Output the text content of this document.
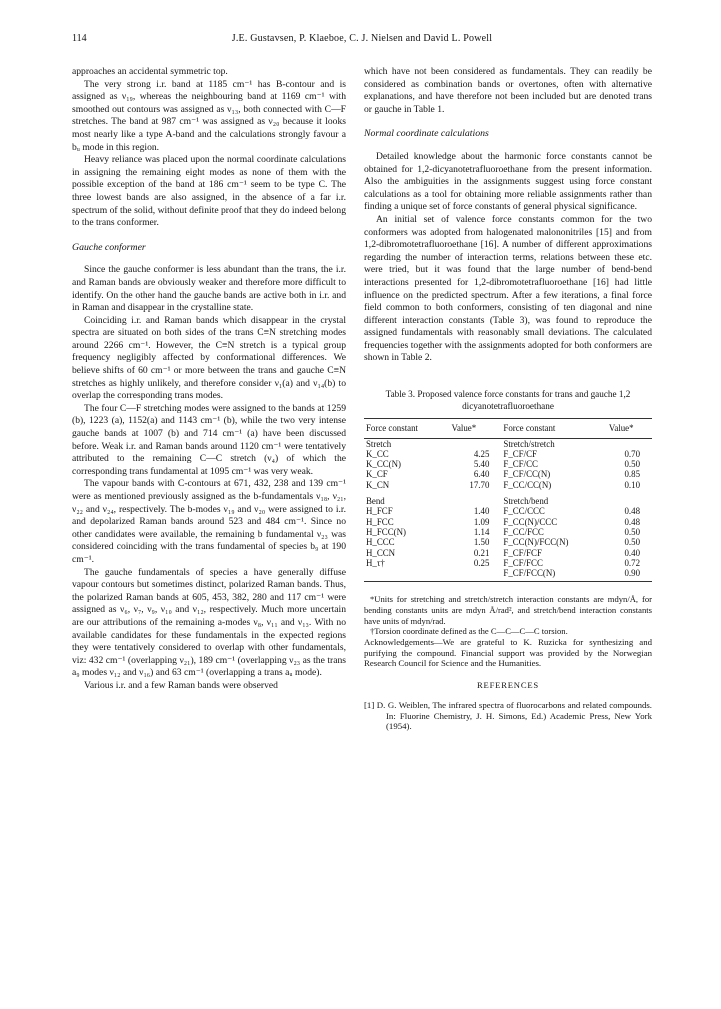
114	J.E. Gustavsen, P. Klaeboe, C. J. Nielsen and David L. Powell

approaches an accidental symmetric top.

The very strong i.r. band at 1185 cm⁻¹ has B-contour and is assigned as ν₁₉, whereas the neighbouring band at 1169 cm⁻¹ with smoothed out contours was assigned as ν₁₃, both connected with C—F stretches. The band at 987 cm⁻¹ was assigned as ν₂₀ because it looks most nearly like a type A-band and the calculations strongly favour a bᵤ mode in this region.

Heavy reliance was placed upon the normal coordinate calculations in assigning the remaining eight modes as none of them with the possible exception of the band at 186 cm⁻¹ seem to be type C. The three lowest bands are also assigned, in the absence of a far i.r. spectrum of the solid, without definite proof that they do indeed belong to the trans conformer.

Gauche conformer

Since the gauche conformer is less abundant than the trans, the i.r. and Raman bands are obviously weaker and therefore more difficult to identify. On the other hand the gauche bands are active both in i.r. and in Raman and disappear in the crystalline state.

Coinciding i.r. and Raman bands which disappear in the crystal spectra are situated on both sides of the trans C≡N stretching modes around 2266 cm⁻¹. However, the C≡N stretch is a typical group frequency negligibly affected by conformational differences. We believe shifts of 60 cm⁻¹ or more between the trans and gauche C≡N stretches as highly unlikely, and therefore consider ν₁(a) and ν₁₄(b) to overlap the corresponding trans modes.

The four C—F stretching modes were assigned to the bands at 1259 (b), 1223 (a), 1152(a) and 1143 cm⁻¹ (b), while the two very intense gauche bands at 1007 (b) and 714 cm⁻¹ (a) have been discussed before. Weak i.r. and Raman bands around 1120 cm⁻¹ were tentatively attributed to the remaining C—C stretch (ν₄) of which the corresponding trans fundamental at 1095 cm⁻¹ was very weak.

The vapour bands with C-contours at 671, 432, 238 and 139 cm⁻¹ were as mentioned previously assigned as the b-fundamentals ν₁₈, ν₂₁, ν₂₂ and ν₂₄, respectively. The b-modes ν₁₉ and ν₂₀ were assigned to i.r. and depolarized Raman bands around 523 and 484 cm⁻¹. Since no other candidates were available, the remaining b fundamental ν₂₃ was considered coinciding with the trans fundamental of species b₉ at 190 cm⁻¹.

The gauche fundamentals of species a have generally diffuse vapour contours but sometimes distinct, polarized Raman bands. Thus, the polarized Raman bands at 605, 453, 382, 280 and 117 cm⁻¹ were assigned as ν₆, ν₇, ν₉, ν₁₀ and ν₁₂, respectively. Much more uncertain are our attributions of the remaining a-modes ν₈, ν₁₁ and ν₁₃. With no available candidates for these fundamentals in the expected regions they were tentatively considered to overlap with other fundamentals, viz: 432 cm⁻¹ (overlapping ν₂₁), 189 cm⁻¹ (overlapping ν₂₃ as the trans a₉ modes ν₁₂ and ν₁₆) and 63 cm⁻¹ (overlapping a trans aᵤ mode).

Various i.r. and a few Raman bands were observed

which have not been considered as fundamentals. They can readily be considered as combination bands or overtones, often with alternative explanations, and have therefore not been included but are denoted trans or gauche in Table 1.

Normal coordinate calculations

Detailed knowledge about the harmonic force constants cannot be obtained for 1,2-dicyanotetrafluoroethane from the present information. Also the ambiguities in the assignments suggest using force constant calculations as a tool for obtaining more reliable assignments rather than finding a unique set of force constants of general physical significance.

An initial set of valence force constants common for the two conformers was adopted from halogenated malononitriles [15] and from 1,2-dibromotetrafluoroethane [16]. A number of different approximations regarding the number of interaction terms, relations between these etc. were tried, but it was found that the large number of bend-bend interactions presented for 1,2-dibromotetrafluoroethane [16] had little influence on the predicted spectrum. After a few iterations, a final force field common to both conformers, consisting of ten diagonal and nine different interaction constants (Table 3), was found to reproduce the assigned fundamentals with reasonably small deviations. The calculated frequencies together with the assignments adopted for both conformers are shown in Table 2.

Table 3. Proposed valence force constants for trans and gauche 1,2 dicyanotetrafluoroethane
Force constant	Value*	Force constant	Value*
Stretch		Stretch/stretch	
K_CC	4.25	F_CF/CF	0.70
K_CC(N)	5.40	F_CF/CC	0.50
K_CF	6.40	F_CF/CC(N)	0.85
K_CN	17.70	F_CC/CC(N)	0.10
Bend		Stretch/bend	
H_FCF	1.40	F_CC/CCC	0.48
H_FCC	1.09	F_CC(N)/CCC	0.48
H_FCC(N)	1.14	F_CC/FCC	0.50
H_CCC	1.50	F_CC(N)/FCC(N)	0.50
H_CCN	0.21	F_CF/FCF	0.40
H_τ†	0.25	F_CF/FCC	0.72
		F_CF/FCC(N)	0.90

*Units for stretching and stretch/stretch interaction constants are mdyn/Å, for bending constants units are mdyn Å/rad², and stretch/bend interaction constants have units of mdyn/rad.

†Torsion coordinate defined as the C—C—C—C torsion.

Acknowledgements—We are grateful to K. Ruzicka for synthesizing and purifying the compound. Financial support was provided by the Norwegian Research Council for Science and the Humanities.

REFERENCES

[1] D. G. Weiblen, The infrared spectra of fluorocarbons and related compounds. In: Fluorine Chemistry, J. H. Simons, Ed.) Academic Press, New York (1954).
